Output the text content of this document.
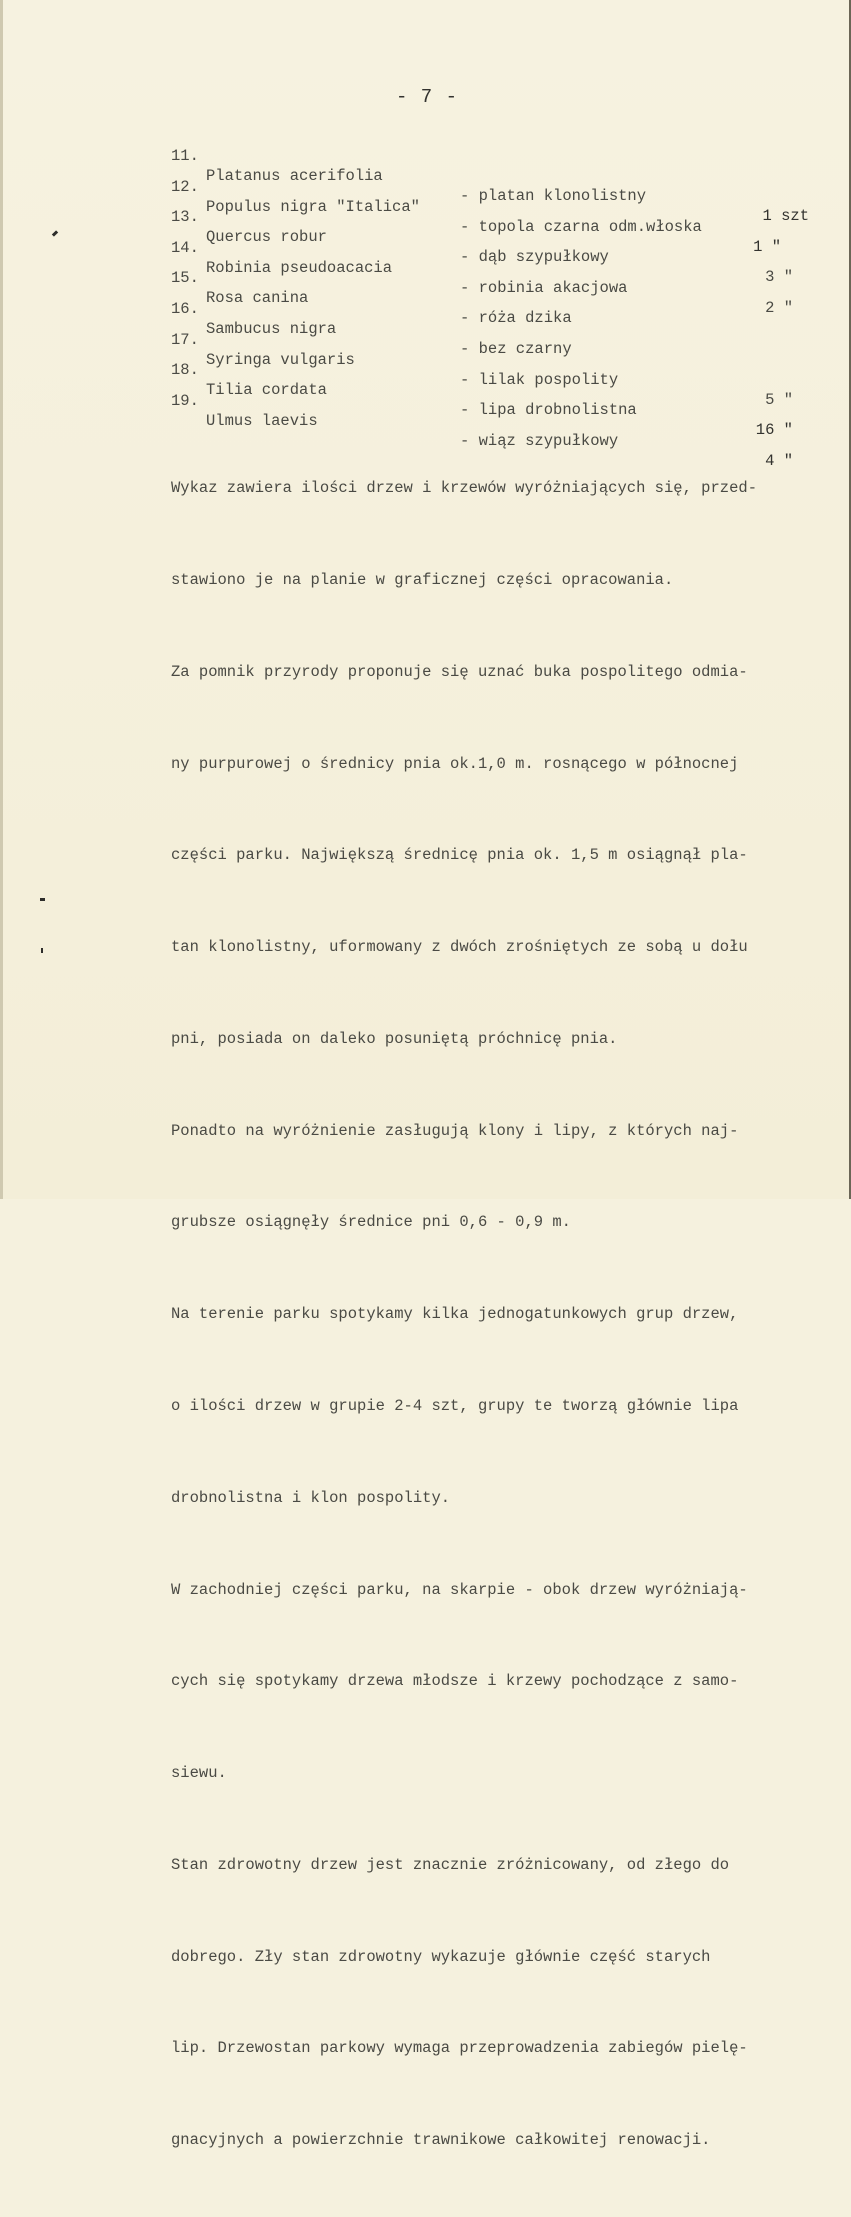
- 7 -

11.

Platanus acerifolia

- platan klonolistny

1 szt

12.

Populus nigra "Italica"

- topola czarna odm.włoska

1 "

13.

Quercus robur

- dąb szypułkowy

3 "

14.

Robinia pseudoacacia

- robinia akacjowa

2 "

15.

Rosa canina

- róża dzika

16.

Sambucus nigra

- bez czarny

17.

Syringa vulgaris

- lilak pospolity

5 "

18.

Tilia cordata

- lipa drobnolistna

16 "

19.

Ulmus laevis

- wiąz szypułkowy

4 "

Wykaz zawiera ilości drzew i krzewów wyróżniających się, przed-

stawiono je na planie w graficznej części opracowania.

Za pomnik przyrody proponuje się uznać buka pospolitego odmia-

ny purpurowej o średnicy pnia ok.1,0 m. rosnącego w północnej

części parku. Największą średnicę pnia ok. 1,5 m osiągnął pla-

tan klonolistny, uformowany z dwóch zrośniętych ze sobą u dołu

pni, posiada on daleko posuniętą próchnicę pnia.

Ponadto na wyróżnienie zasługują klony i lipy, z których naj-

grubsze osiągnęły średnice pni 0,6 - 0,9 m.

Na terenie parku spotykamy kilka jednogatunkowych grup drzew,

o ilości drzew w grupie 2-4 szt, grupy te tworzą głównie lipa

drobnolistna i klon pospolity.

W zachodniej części parku, na skarpie - obok drzew wyróżniają-

cych się spotykamy drzewa młodsze i krzewy pochodzące z samo-

siewu.

Stan zdrowotny drzew jest znacznie zróżnicowany, od złego do

dobrego. Zły stan zdrowotny wykazuje głównie część starych

lip. Drzewostan parkowy wymaga przeprowadzenia zabiegów pielę-

gnacyjnych a powierzchnie trawnikowe całkowitej renowacji.
